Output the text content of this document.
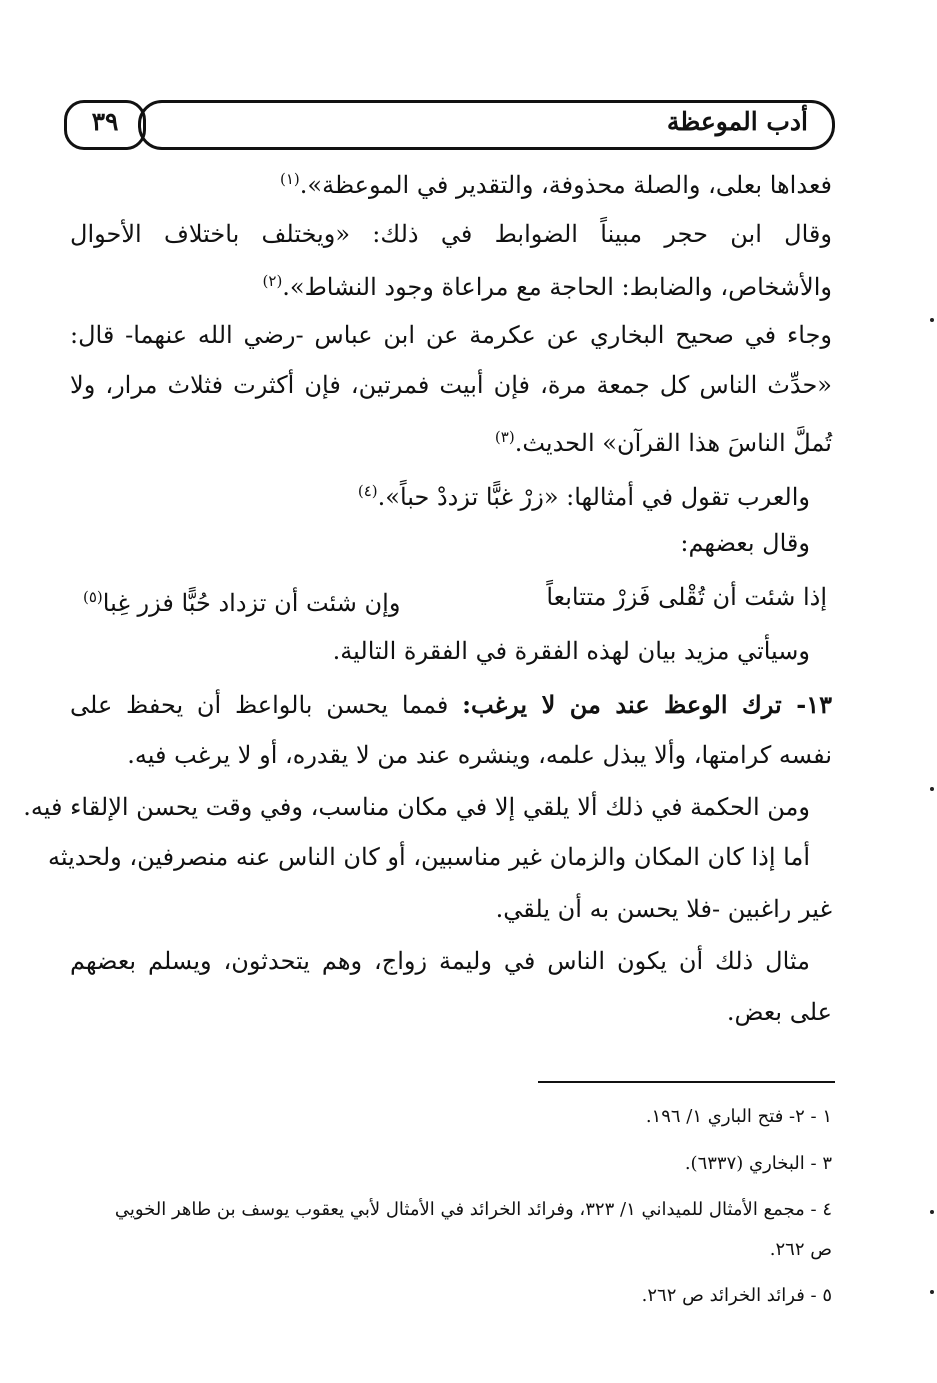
أدب الموعظة
٣٩
فعداها بعلى، والصلة محذوفة، والتقدير في الموعظة».$^{(١)}$
وقال ابن حجر مبيناً الضوابط في ذلك: «ويختلف باختلاف الأحوال
والأشخاص، والضابط: الحاجة مع مراعاة وجود النشاط».$^{(٢)}$
وجاء في صحيح البخاري عن عكرمة عن ابن عباس -رضي الله عنهما- قال:
«حدِّث الناس كل جمعة مرة، فإن أبيت فمرتين، فإن أكثرت فثلاث مرار، ولا
تُملَّ الناسَ هذا القرآن» الحديث.$^{(٣)}$
والعرب تقول في أمثالها: «زرْ غبًّا تزددْ حباً».$^{(٤)}$
وقال بعضهم:
إذا شئت أن تُقْلى فَزرْ متتابعاً
وإن شئت أن تزداد حُبًّا فزر غِبا$^{(٥)}$
وسيأتي مزيد بيان لهذه الفقرة في الفقرة التالية.
١٣- ترك الوعظ عند من لا يرغب: فمما يحسن بالواعظ أن يحفظ على
نفسه كرامتها، وألا يبذل علمه، وينشره عند من لا يقدره، أو لا يرغب فيه.
ومن الحكمة في ذلك ألا يلقي إلا في مكان مناسب، وفي وقت يحسن الإلقاء فيه.
أما إذا كان المكان والزمان غير مناسبين، أو كان الناس عنه منصرفين، ولحديثه
غير راغبين -فلا يحسن به أن يلقي.
مثال ذلك أن يكون الناس في وليمة زواج، وهم يتحدثون، ويسلم بعضهم
على بعض.
١ - ٢- فتح الباري ١/ ١٩٦.
٣ - البخاري (٦٣٣٧).
٤ - مجمع الأمثال للميداني ١/ ٣٢٣، وفرائد الخرائد في الأمثال لأبي يعقوب يوسف بن طاهر الخويي
ص ٢٦٢.
٥ - فرائد الخرائد ص ٢٦٢.
